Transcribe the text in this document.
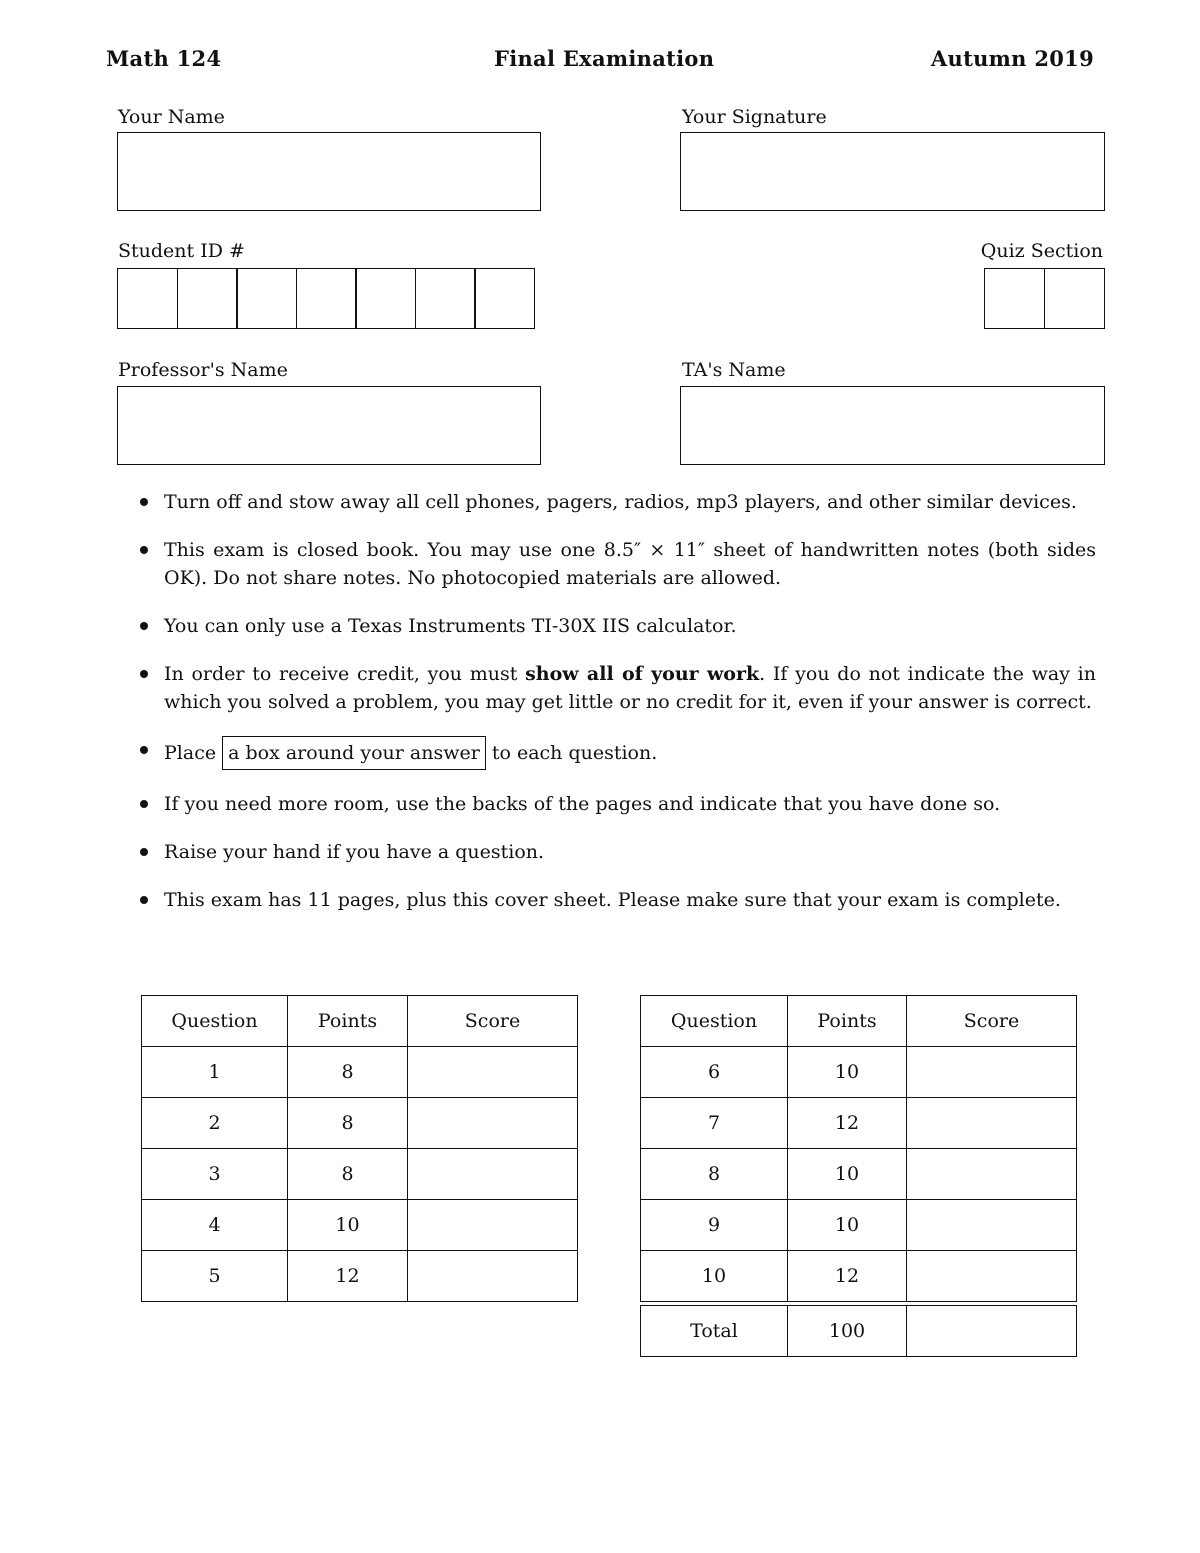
Math 124	Final Examination	Autumn 2019
Your Name	Your Signature
Student ID #	Quiz Section
Professor's Name	TA's Name
Turn off and stow away all cell phones, pagers, radios, mp3 players, and other similar devices.
This exam is closed book. You may use one 8.5″ × 11″ sheet of handwritten notes (both sides OK). Do not share notes. No photocopied materials are allowed.
You can only use a Texas Instruments TI-30X IIS calculator.
In order to receive credit, you must show all of your work. If you do not indicate the way in which you solved a problem, you may get little or no credit for it, even if your answer is correct.
Place a box around your answer to each question.
If you need more room, use the backs of the pages and indicate that you have done so.
Raise your hand if you have a question.
This exam has 11 pages, plus this cover sheet. Please make sure that your exam is complete.
Question	Points	Score
1	8	
2	8	
3	8	
4	10	
5	12	
Question	Points	Score
6	10	
7	12	
8	10	
9	10	
10	12	

Total	100	
